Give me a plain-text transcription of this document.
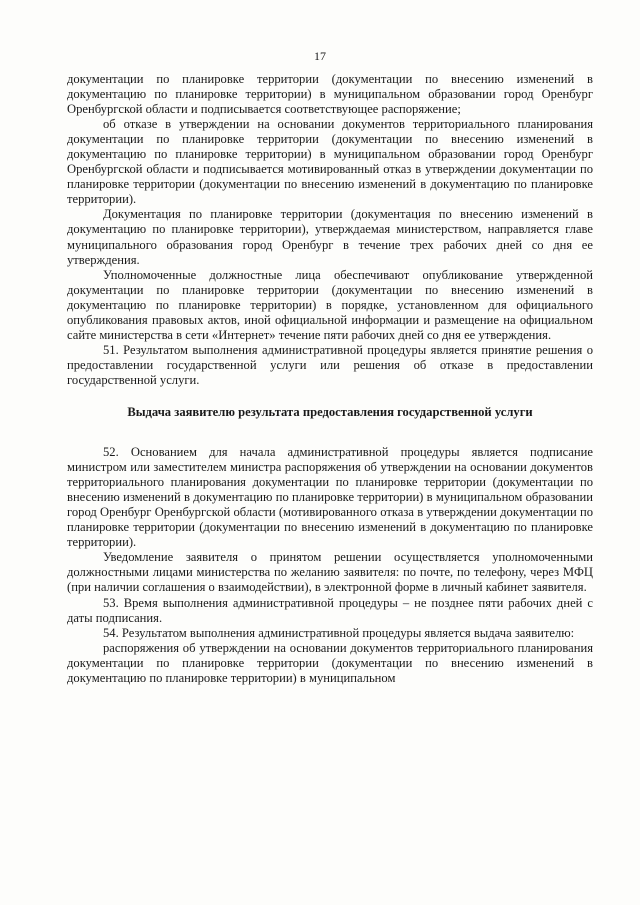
17

документации по планировке территории (документации по внесению изменений в документацию по планировке территории) в муниципальном образовании город Оренбург Оренбургской области и подписывается соответствующее распоряжение;

об отказе в утверждении на основании документов территориального планирования документации по планировке территории (документации по внесению изменений в документацию по планировке территории) в муниципальном образовании город Оренбург Оренбургской области и подписывается мотивированный отказ в утверждении документации по планировке территории (документации по внесению изменений в документацию по планировке территории).

Документация по планировке территории (документация по внесению изменений в документацию по планировке территории), утверждаемая министерством, направляется главе муниципального образования город Оренбург в течение трех рабочих дней со дня ее утверждения.

Уполномоченные должностные лица обеспечивают опубликование утвержденной документации по планировке территории (документации по внесению изменений в документацию по планировке территории) в порядке, установленном для официального опубликования правовых актов, иной официальной информации и размещение на официальном сайте министерства в сети «Интернет» течение пяти рабочих дней со дня ее утверждения.

51. Результатом выполнения административной процедуры является принятие решения о предоставлении государственной услуги или решения об отказе в предоставлении государственной услуги.

Выдача заявителю результата предоставления государственной услуги

52. Основанием для начала административной процедуры является подписание министром или заместителем министра распоряжения об утверждении на основании документов территориального планирования документации по планировке территории (документации по внесению изменений в документацию по планировке территории) в муниципальном образовании город Оренбург Оренбургской области (мотивированного отказа в утверждении документации по планировке территории (документации по внесению изменений в документацию по планировке территории).

Уведомление заявителя о принятом решении осуществляется уполномоченными должностными лицами министерства по желанию заявителя: по почте, по телефону, через МФЦ (при наличии соглашения о взаимодействии), в электронной форме в личный кабинет заявителя.

53. Время выполнения административной процедуры – не позднее пяти рабочих дней с даты подписания.

54. Результатом выполнения административной процедуры является выдача заявителю:

распоряжения об утверждении на основании документов территориального планирования документации по планировке территории (документации по внесению изменений в документацию по планировке территории) в муниципальном
